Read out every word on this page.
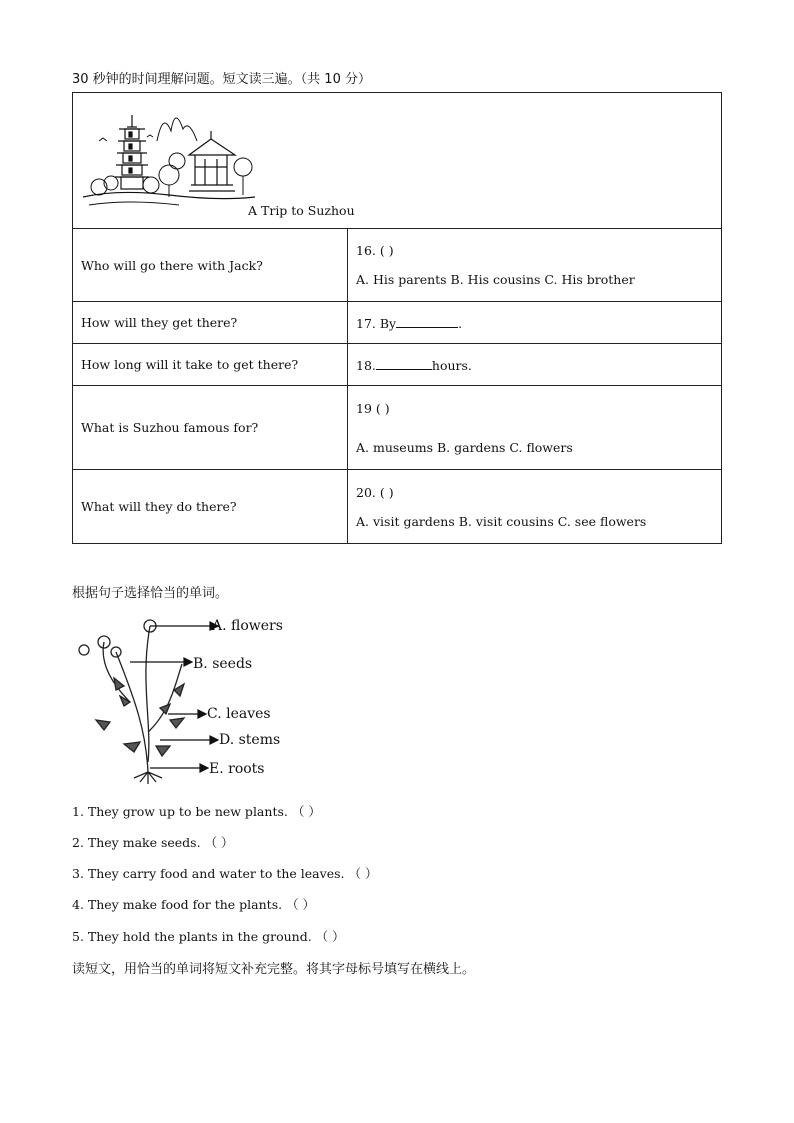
30 秒钟的时间理解问题。短文读三遍。（共 10 分）
A Trip to Suzhou	

Who will go there with Jack?	16. ( )
A. His parents B. His cousins C. His brother

How will they get there?	17. By .
How long will it take to get there?	18. hours.
What is Suzhou famous for?	19 ( )
A. museums B. gardens C. flowers

What will they do there?	20. ( )
A. visit gardens B. visit cousins C. see flowers
根据句子选择恰当的单词。
A. flowers
B. seeds
C. leaves
D. stems
E. roots
1. They grow up to be new plants. （ ）
2. They make seeds. （ ）
3. They carry food and water to the leaves. （ ）
4. They make food for the plants. （ ）
5. They hold the plants in the ground. （ ）
读短文，用恰当的单词将短文补充完整。将其字母标号填写在横线上。
